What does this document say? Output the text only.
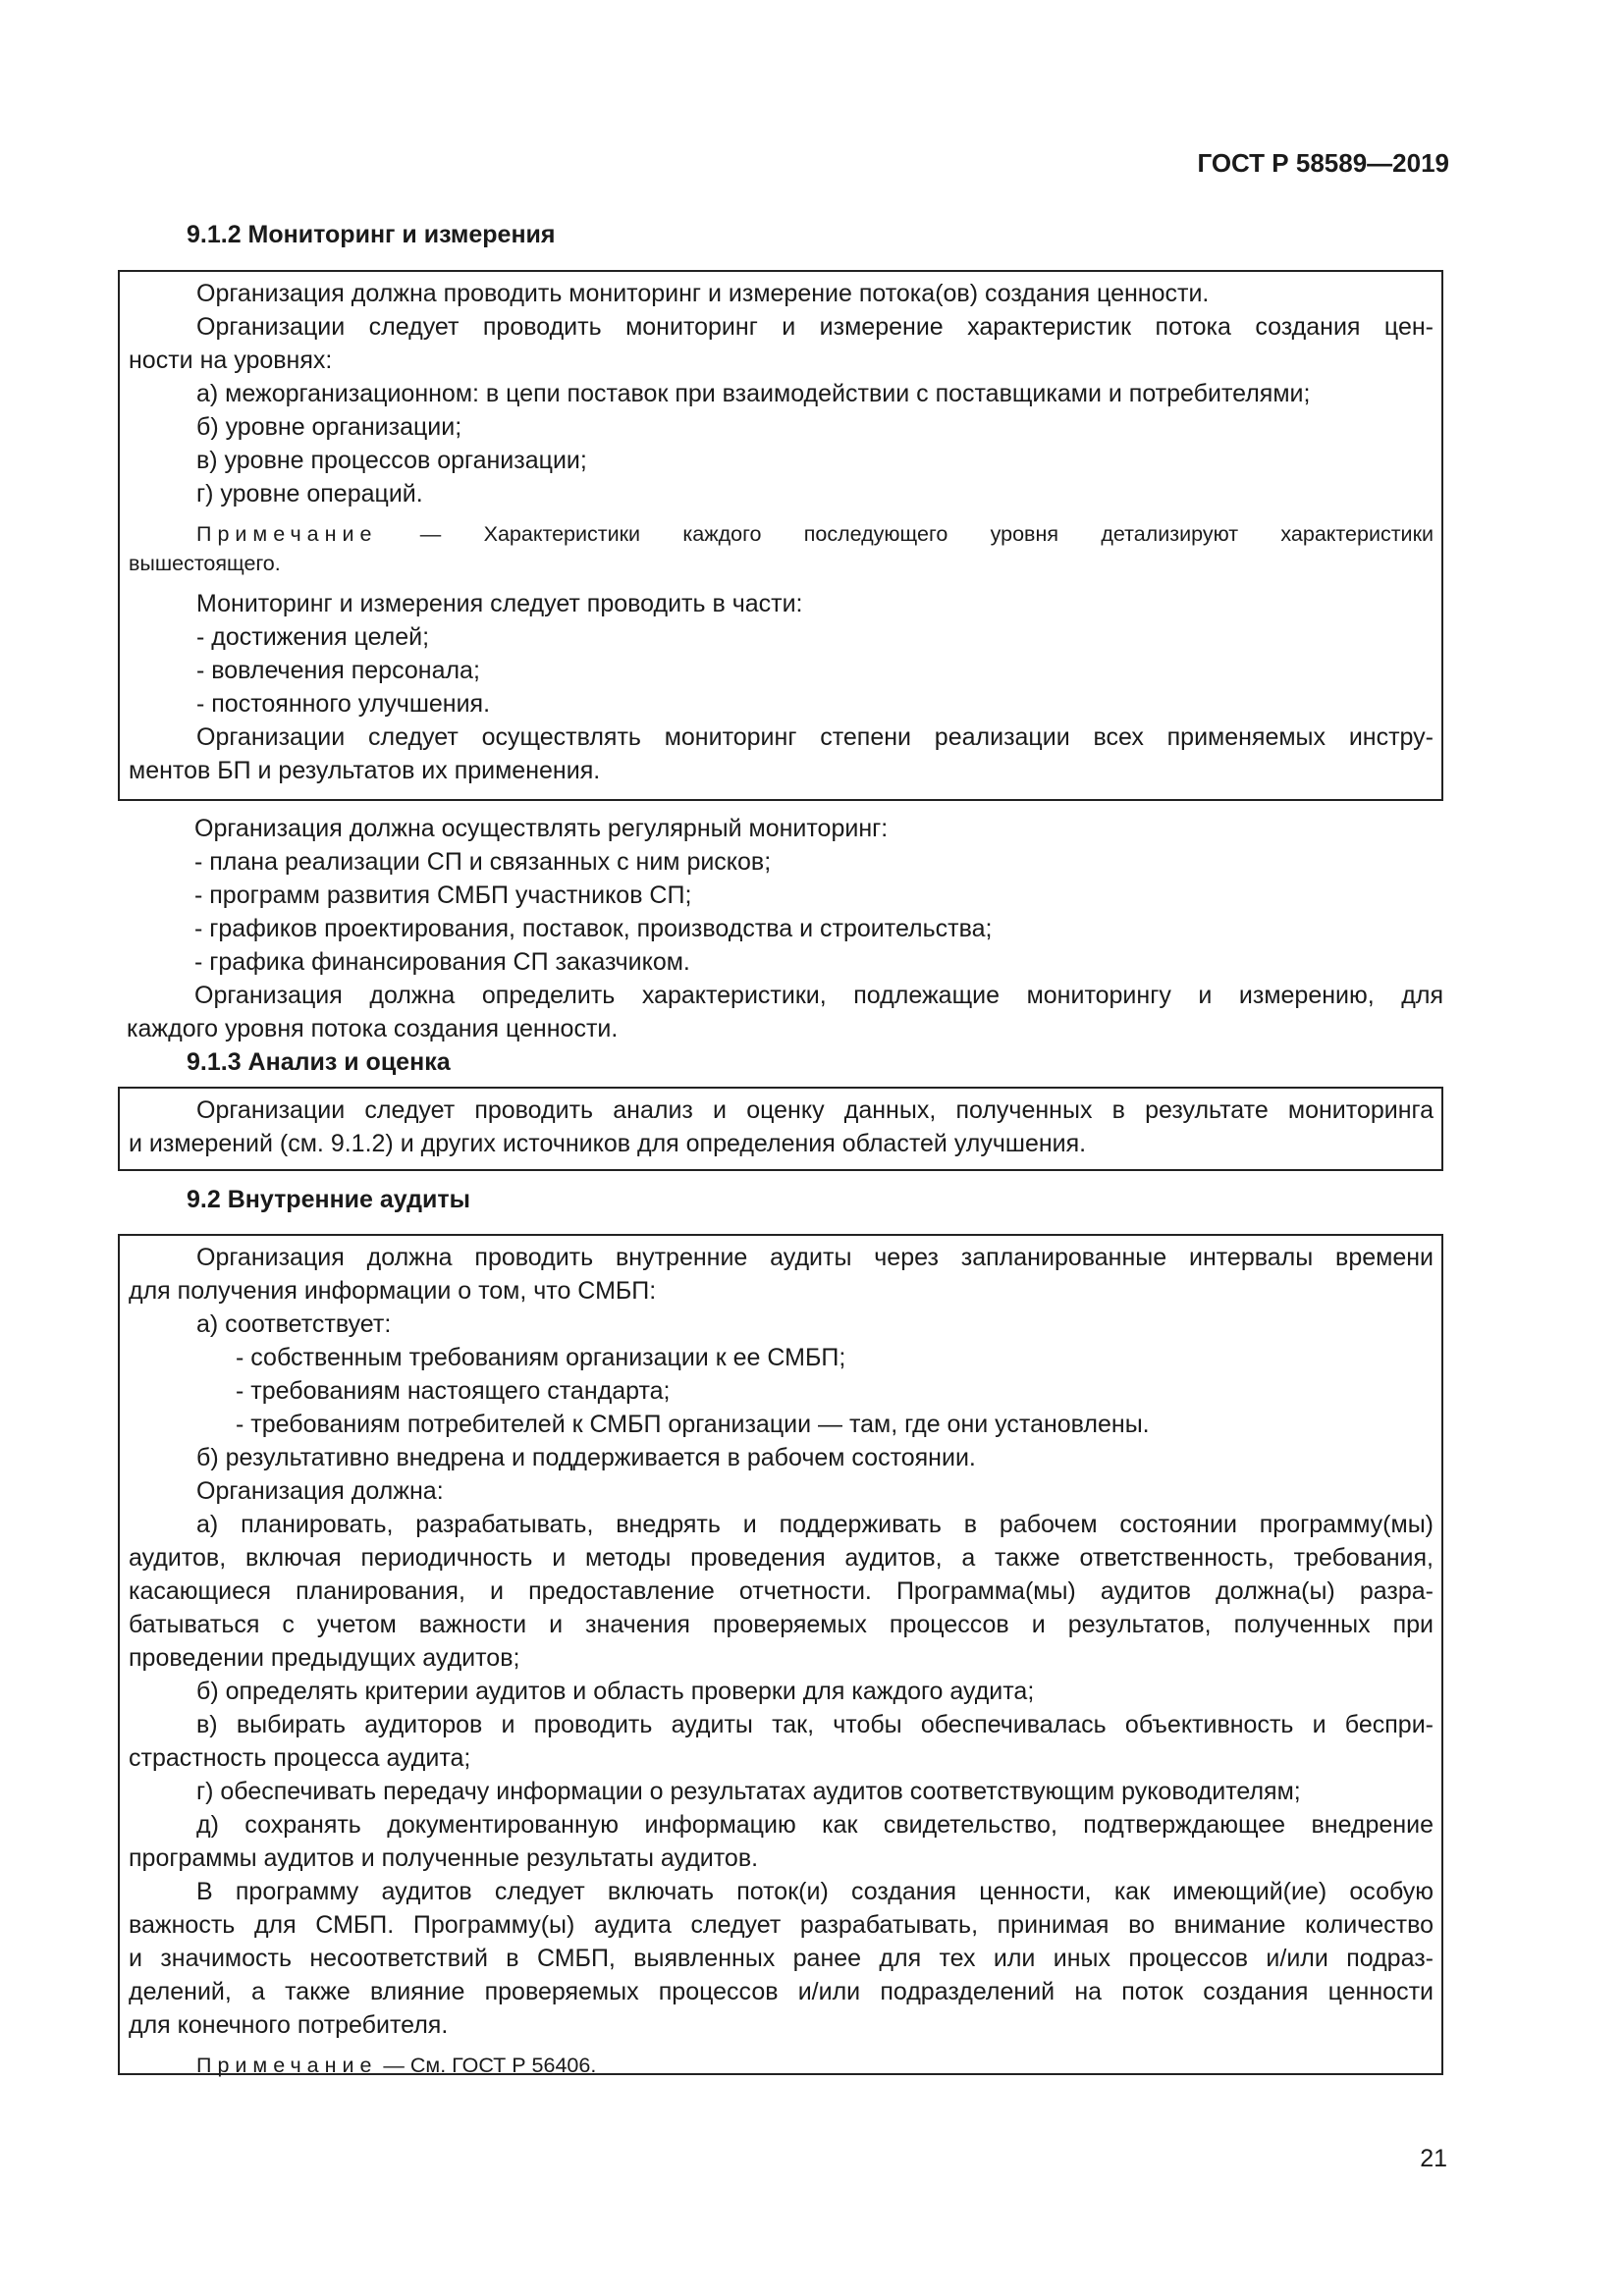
ГОСТ Р 58589—2019
9.1.2 Мониторинг и измерения
Организация должна проводить мониторинг и измерение потока(ов) создания ценности.
Организации следует проводить мониторинг и измерение характеристик потока создания цен-
ности на уровнях:
а) межорганизационном: в цепи поставок при взаимодействии с поставщиками и потребителями;
б) уровне организации;
в) уровне процессов организации;
г) уровне операций.
Примечание — Характеристики каждого последующего уровня детализируют характеристики
вышестоящего.
Мониторинг и измерения следует проводить в части:
- достижения целей;
- вовлечения персонала;
- постоянного улучшения.
Организации следует осуществлять мониторинг степени реализации всех применяемых инстру-
ментов БП и результатов их применения.
Организация должна осуществлять регулярный мониторинг:
- плана реализации СП и связанных с ним рисков;
- программ развития СМБП участников СП;
- графиков проектирования, поставок, производства и строительства;
- графика финансирования СП заказчиком.
Организация должна определить характеристики, подлежащие мониторингу и измерению, для
каждого уровня потока создания ценности.
9.1.3 Анализ и оценка
Организации следует проводить анализ и оценку данных, полученных в результате мониторинга
и измерений (см. 9.1.2) и других источников для определения областей улучшения.
9.2 Внутренние аудиты
Организация должна проводить внутренние аудиты через запланированные интервалы времени
для получения информации о том, что СМБП:
а) соответствует:
- собственным требованиям организации к ее СМБП;
- требованиям настоящего стандарта;
- требованиям потребителей к СМБП организации — там, где они установлены.
б) результативно внедрена и поддерживается в рабочем состоянии.
Организация должна:
а) планировать, разрабатывать, внедрять и поддерживать в рабочем состоянии программу(мы)
аудитов, включая периодичность и методы проведения аудитов, а также ответственность, требования,
касающиеся планирования, и предоставление отчетности. Программа(мы) аудитов должна(ы) разра-
батываться с учетом важности и значения проверяемых процессов и результатов, полученных при
проведении предыдущих аудитов;
б) определять критерии аудитов и область проверки для каждого аудита;
в) выбирать аудиторов и проводить аудиты так, чтобы обеспечивалась объективность и беспри-
страстность процесса аудита;
г) обеспечивать передачу информации о результатах аудитов соответствующим руководителям;
д) сохранять документированную информацию как свидетельство, подтверждающее внедрение
программы аудитов и полученные результаты аудитов.
В программу аудитов следует включать поток(и) создания ценности, как имеющий(ие) особую
важность для СМБП. Программу(ы) аудита следует разрабатывать, принимая во внимание количество
и значимость несоответствий в СМБП, выявленных ранее для тех или иных процессов и/или подраз-
делений, а также влияние проверяемых процессов и/или подразделений на поток создания ценности
для конечного потребителя.
Примечание — См. ГОСТ Р 56406.
21
